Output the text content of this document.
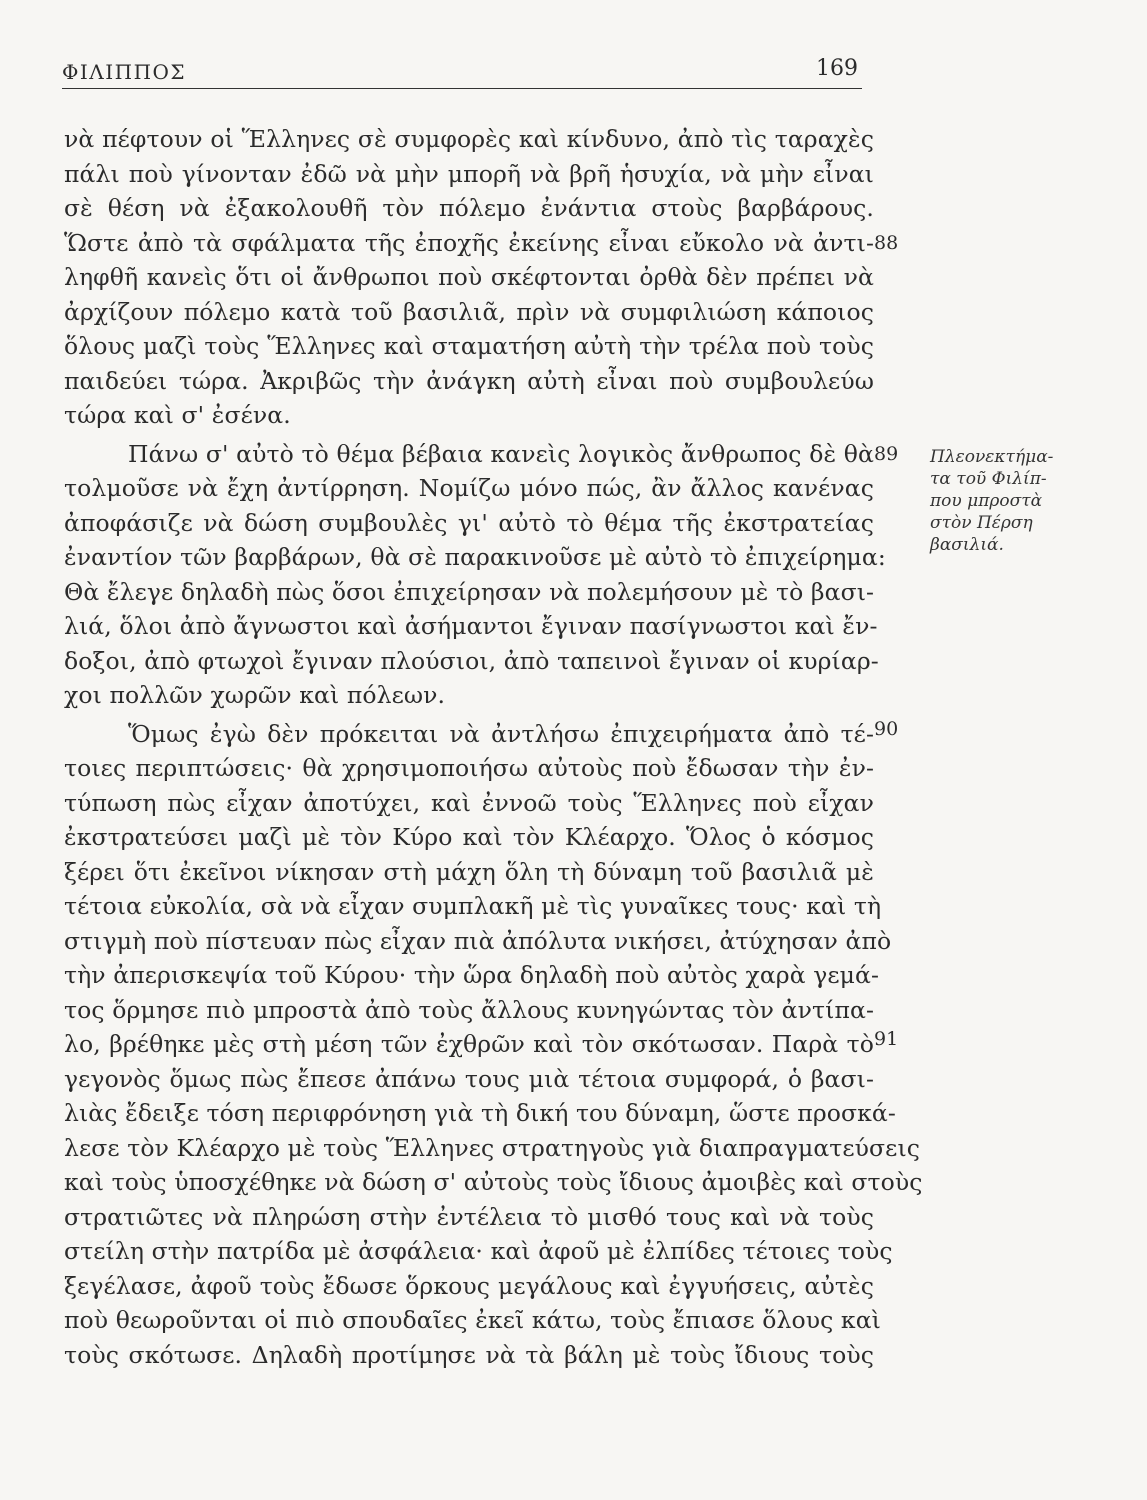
ΦΙΛΙΠΠΟΣ	169
νὰ πέφτουν οἱ Ἕλληνες σὲ συμφορὲς καὶ κίνδυνο, ἀπὸ τὶς ταραχὲς
πάλι ποὺ γίνονταν ἐδῶ νὰ μὴν μπορῆ νὰ βρῆ ἡσυχία, νὰ μὴν εἶναι
σὲ θέση νὰ ἐξακολουθῆ τὸν πόλεμο ἐνάντια στοὺς βαρβάρους.
Ὥστε ἀπὸ τὰ σφάλματα τῆς ἐποχῆς ἐκείνης εἶναι εὔκολο νὰ ἀντι-
ληφθῆ κανεὶς ὅτι οἱ ἄνθρωποι ποὺ σκέφτονται ὀρθὰ δὲν πρέπει νὰ
ἀρχίζουν πόλεμο κατὰ τοῦ βασιλιᾶ, πρὶν νὰ συμφιλιώση κάποιος
ὅλους μαζὶ τοὺς Ἕλληνες καὶ σταματήση αὐτὴ τὴν τρέλα ποὺ τοὺς
παιδεύει τώρα. Ἀκριβῶς τὴν ἀνάγκη αὐτὴ εἶναι ποὺ συμβουλεύω
τώρα καὶ σ' ἐσένα.
Πάνω σ' αὐτὸ τὸ θέμα βέβαια κανεὶς λογικὸς ἄνθρωπος δὲ θὰ
τολμοῦσε νὰ ἔχη ἀντίρρηση. Νομίζω μόνο πώς, ἂν ἄλλος κανένας
ἀποφάσιζε νὰ δώση συμβουλὲς γι' αὐτὸ τὸ θέμα τῆς ἐκστρατείας
ἐναντίον τῶν βαρβάρων, θὰ σὲ παρακινοῦσε μὲ αὐτὸ τὸ ἐπιχείρημα:
Θὰ ἔλεγε δηλαδὴ πὼς ὅσοι ἐπιχείρησαν νὰ πολεμήσουν μὲ τὸ βασι-
λιά, ὅλοι ἀπὸ ἄγνωστοι καὶ ἀσήμαντοι ἔγιναν πασίγνωστοι καὶ ἔν-
δοξοι, ἀπὸ φτωχοὶ ἔγιναν πλούσιοι, ἀπὸ ταπεινοὶ ἔγιναν οἱ κυρίαρ-
χοι πολλῶν χωρῶν καὶ πόλεων.
Ὅμως ἐγὼ δὲν πρόκειται νὰ ἀντλήσω ἐπιχειρήματα ἀπὸ τέ-
τοιες περιπτώσεις· θὰ χρησιμοποιήσω αὐτοὺς ποὺ ἔδωσαν τὴν ἐν-
τύπωση πὼς εἶχαν ἀποτύχει, καὶ ἐννοῶ τοὺς Ἕλληνες ποὺ εἶχαν
ἐκστρατεύσει μαζὶ μὲ τὸν Κύρο καὶ τὸν Κλέαρχο. Ὅλος ὁ κόσμος
ξέρει ὅτι ἐκεῖνοι νίκησαν στὴ μάχη ὅλη τὴ δύναμη τοῦ βασιλιᾶ μὲ
τέτοια εὐκολία, σὰ νὰ εἶχαν συμπλακῆ μὲ τὶς γυναῖκες τους· καὶ τὴ
στιγμὴ ποὺ πίστευαν πὼς εἶχαν πιὰ ἀπόλυτα νικήσει, ἀτύχησαν ἀπὸ
τὴν ἀπερισκεψία τοῦ Κύρου· τὴν ὥρα δηλαδὴ ποὺ αὐτὸς χαρὰ γεμά-
τος ὅρμησε πιὸ μπροστὰ ἀπὸ τοὺς ἄλλους κυνηγώντας τὸν ἀντίπα-
λο, βρέθηκε μὲς στὴ μέση τῶν ἐχθρῶν καὶ τὸν σκότωσαν. Παρὰ τὸ
γεγονὸς ὅμως πὼς ἔπεσε ἀπάνω τους μιὰ τέτοια συμφορά, ὁ βασι-
λιὰς ἔδειξε τόση περιφρόνηση γιὰ τὴ δική του δύναμη, ὥστε προσκά-
λεσε τὸν Κλέαρχο μὲ τοὺς Ἕλληνες στρατηγοὺς γιὰ διαπραγματεύσεις
καὶ τοὺς ὑποσχέθηκε νὰ δώση σ' αὐτοὺς τοὺς ἴδιους ἀμοιβὲς καὶ στοὺς
στρατιῶτες νὰ πληρώση στὴν ἐντέλεια τὸ μισθό τους καὶ νὰ τοὺς
στείλη στὴν πατρίδα μὲ ἀσφάλεια· καὶ ἀφοῦ μὲ ἐλπίδες τέτοιες τοὺς
ξεγέλασε, ἀφοῦ τοὺς ἔδωσε ὅρκους μεγάλους καὶ ἐγγυήσεις, αὐτὲς
ποὺ θεωροῦνται οἱ πιὸ σπουδαῖες ἐκεῖ κάτω, τοὺς ἔπιασε ὅλους καὶ
τοὺς σκότωσε. Δηλαδὴ προτίμησε νὰ τὰ βάλη μὲ τοὺς ἴδιους τοὺς
88
89
90
91
Πλεονεκτήμα-
τα τοῦ Φιλίπ-
που μπροστὰ
στὸν Πέρση
βασιλιά.
